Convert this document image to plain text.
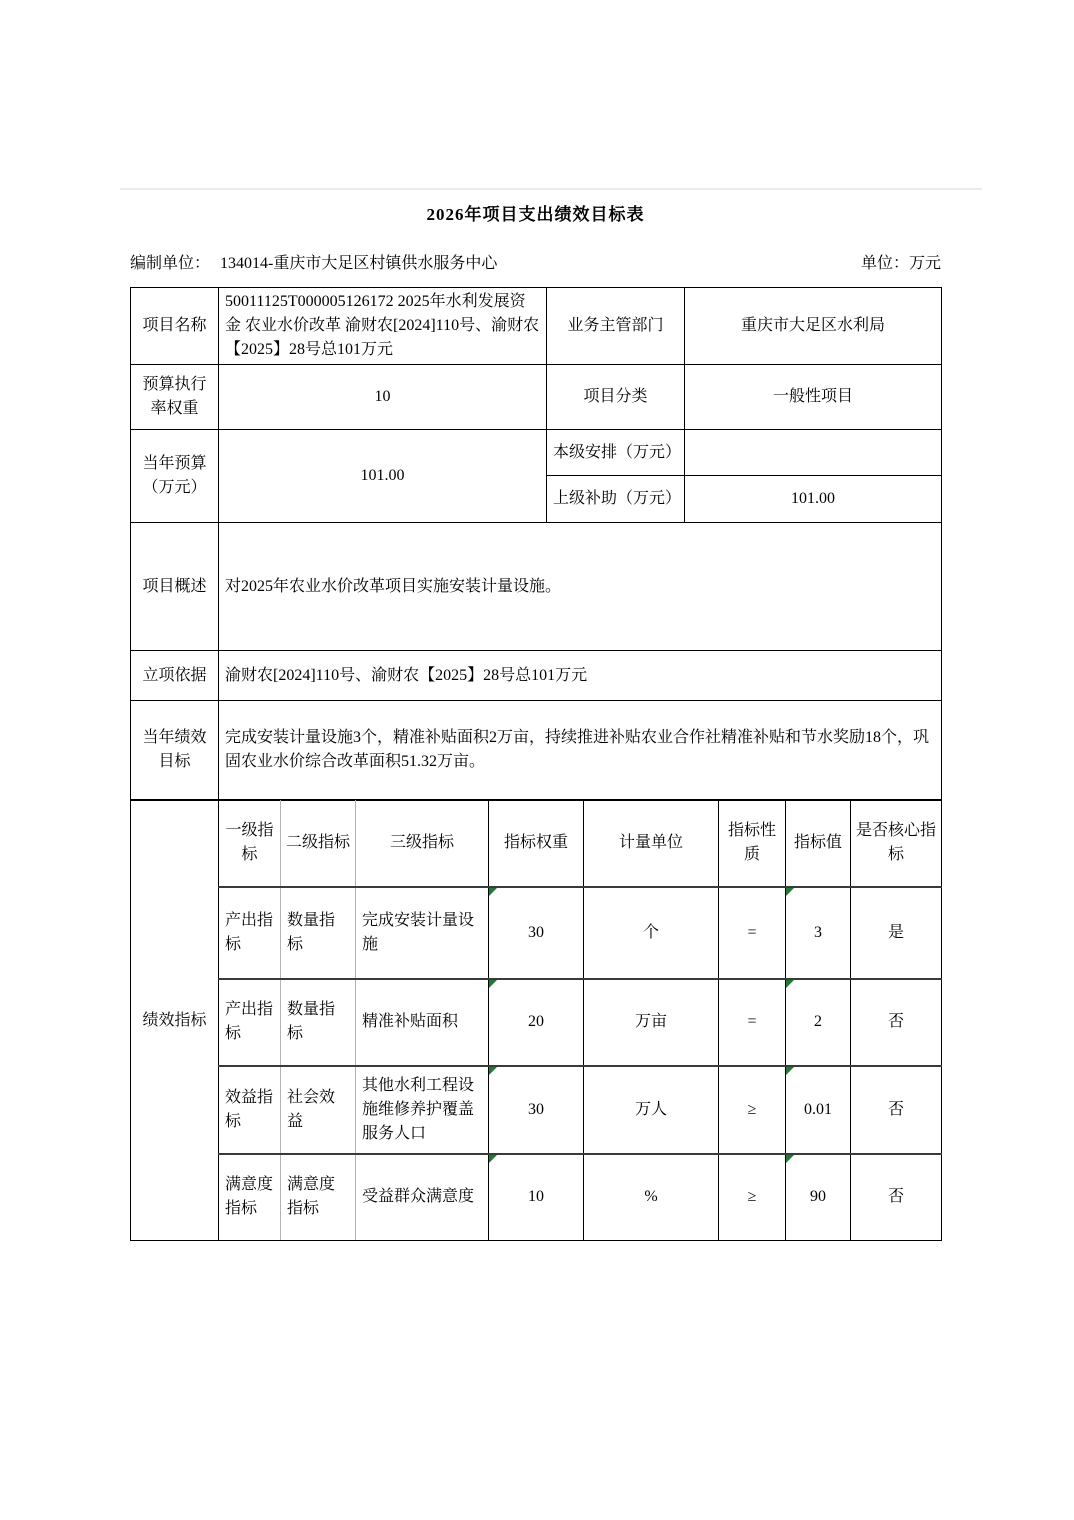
2026年项目支出绩效目标表
编制单位： 134014-重庆市大足区村镇供水服务中心	单位：万元
项目名称	50011125T000005126172 2025年水利发展资金 农业水价改革 渝财农[2024]110号、渝财农【2025】28号总101万元	业务主管部门	重庆市大足区水利局
预算执行率权重	10	项目分类	一般性项目
当年预算（万元）	101.00	本级安排（万元）	
		上级补助（万元）	101.00
项目概述	对2025年农业水价改革项目实施安装计量设施。		
立项依据	渝财农[2024]110号、渝财农【2025】28号总101万元		
当年绩效目标	完成安装计量设施3个，精准补贴面积2万亩，持续推进补贴农业合作社精准补贴和节水奖励18个，巩固农业水价综合改革面积51.32万亩。		
绩效指标	一级指标	二级指标	三级指标	指标权重	计量单位	指标性质	指标值	是否核心指标
	产出指标	数量指标	完成安装计量设施	30	个	=	3	是
	产出指标	数量指标	精准补贴面积	20	万亩	=	2	否
	效益指标	社会效益	其他水利工程设施维修养护覆盖服务人口	30	万人	≥	0.01	否
	满意度指标	满意度指标	受益群众满意度	10	%	≥	90	否
